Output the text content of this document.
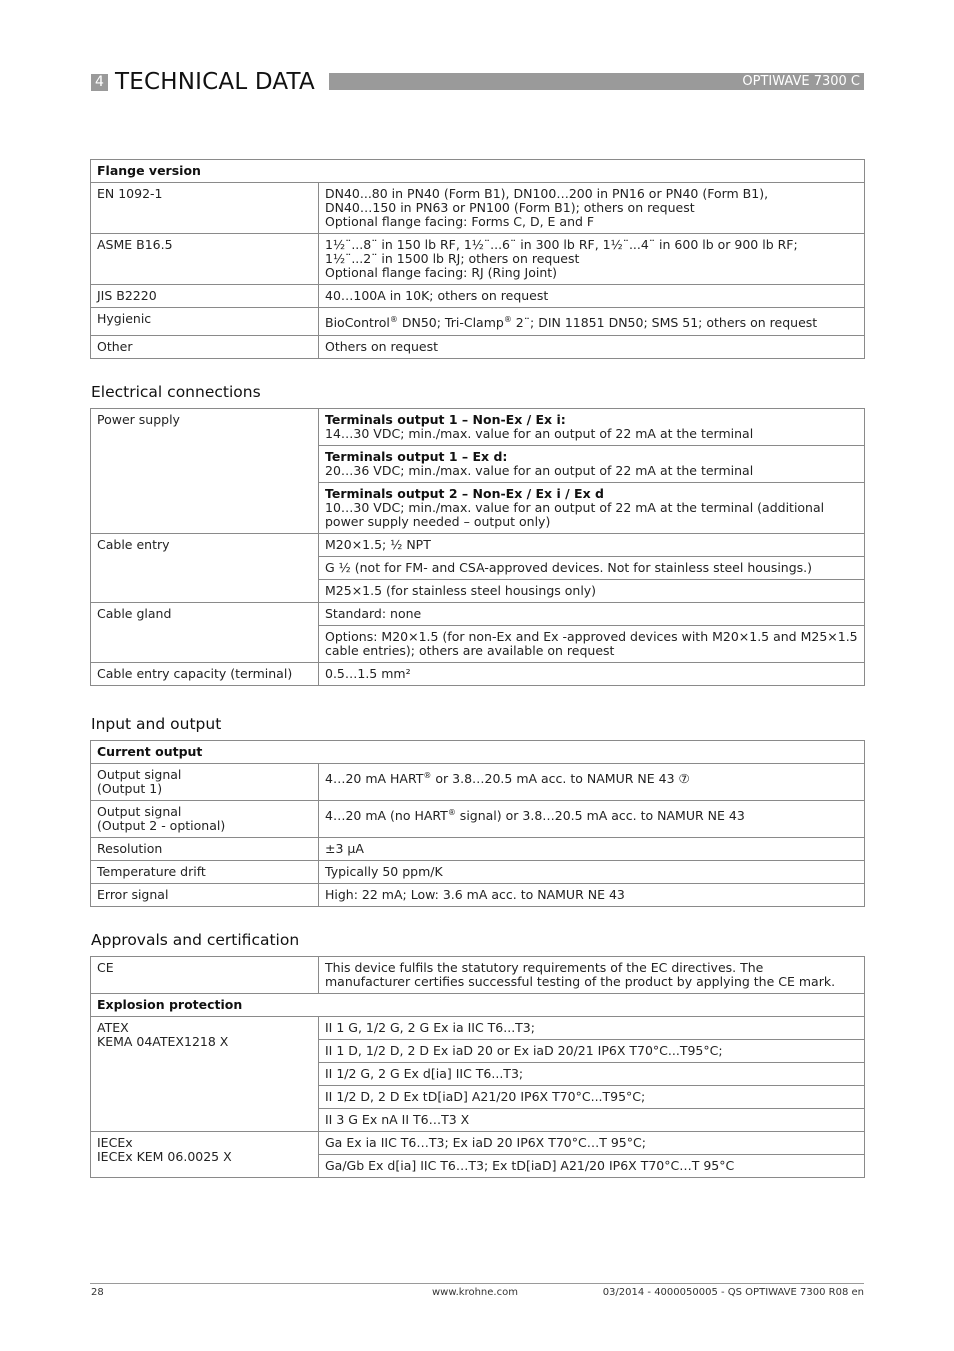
4 TECHNICAL DATA	OPTIWAVE 7300 C
Flange version	
EN 1092-1	DN40...80 in PN40 (Form B1), DN100…200 in PN16 or PN40 (Form B1),
DN40…150 in PN63 or PN100 (Form B1); others on request
Optional flange facing: Forms C, D, E and F

ASME B16.5	1½¨...8¨ in 150 lb RF, 1½¨...6¨ in 300 lb RF, 1½¨...4¨ in 600 lb or 900 lb RF;
1½¨...2¨ in 1500 lb RJ; others on request
Optional flange facing: RJ (Ring Joint)

JIS B2220	40…100A in 10K; others on request
Hygienic	BioControl® DN50; Tri-Clamp® 2¨; DIN 11851 DN50; SMS 51; others on request
Other	Others on request
Electrical connections
Power supply	Terminals output 1 – Non-Ex / Ex i:
14…30 VDC; min./max. value for an output of 22 mA at the terminal

	Terminals output 1 – Ex d:
20…36 VDC; min./max. value for an output of 22 mA at the terminal

	Terminals output 2 – Non-Ex / Ex i / Ex d
10…30 VDC; min./max. value for an output of 22 mA at the terminal (additional
power supply needed – output only)

Cable entry	M20×1.5; ½ NPT
	G ½ (not for FM- and CSA-approved devices. Not for stainless steel housings.)
	M25×1.5 (for stainless steel housings only)
Cable gland	Standard: none

	Options: M20×1.5 (for non-Ex and Ex -approved devices with M20×1.5 and M25×1.5
cable entries); others are available on request

Cable entry capacity (terminal)	0.5…1.5 mm²
Input and output
Current output	

Output signal
(Output 1)	4…20 mA HART® or 3.8…20.5 mA acc. to NAMUR NE 43 ⑦

Output signal
(Output 2 - optional)	4…20 mA (no HART® signal) or 3.8…20.5 mA acc. to NAMUR NE 43
Resolution	±3 μA
Temperature drift	Typically 50 ppm/K
Error signal	High: 22 mA; Low: 3.6 mA acc. to NAMUR NE 43
Approvals and certification
CE	This device fulfils the statutory requirements of the EC directives. The
manufacturer certifies successful testing of the product by applying the CE mark.

Explosion protection	

ATEX
KEMA 04ATEX1218 X	II 1 G, 1/2 G, 2 G Ex ia IIC T6...T3;
	II 1 D, 1/2 D, 2 D Ex iaD 20 or Ex iaD 20/21 IP6X T70°C...T95°C;
	II 1/2 G, 2 G Ex d[ia] IIC T6...T3;
	II 1/2 D, 2 D Ex tD[iaD] A21/20 IP6X T70°C...T95°C;
	II 3 G Ex nA II T6…T3 X

IECEx
IECEx KEM 06.0025 X	Ga Ex ia IIC T6…T3; Ex iaD 20 IP6X T70°C…T 95°C;
	Ga/Gb Ex d[ia] IIC T6…T3; Ex tD[iaD] A21/20 IP6X T70°C…T 95°C
28	www.krohne.com	03/2014 - 4000050005 - QS OPTIWAVE 7300 R08 en
